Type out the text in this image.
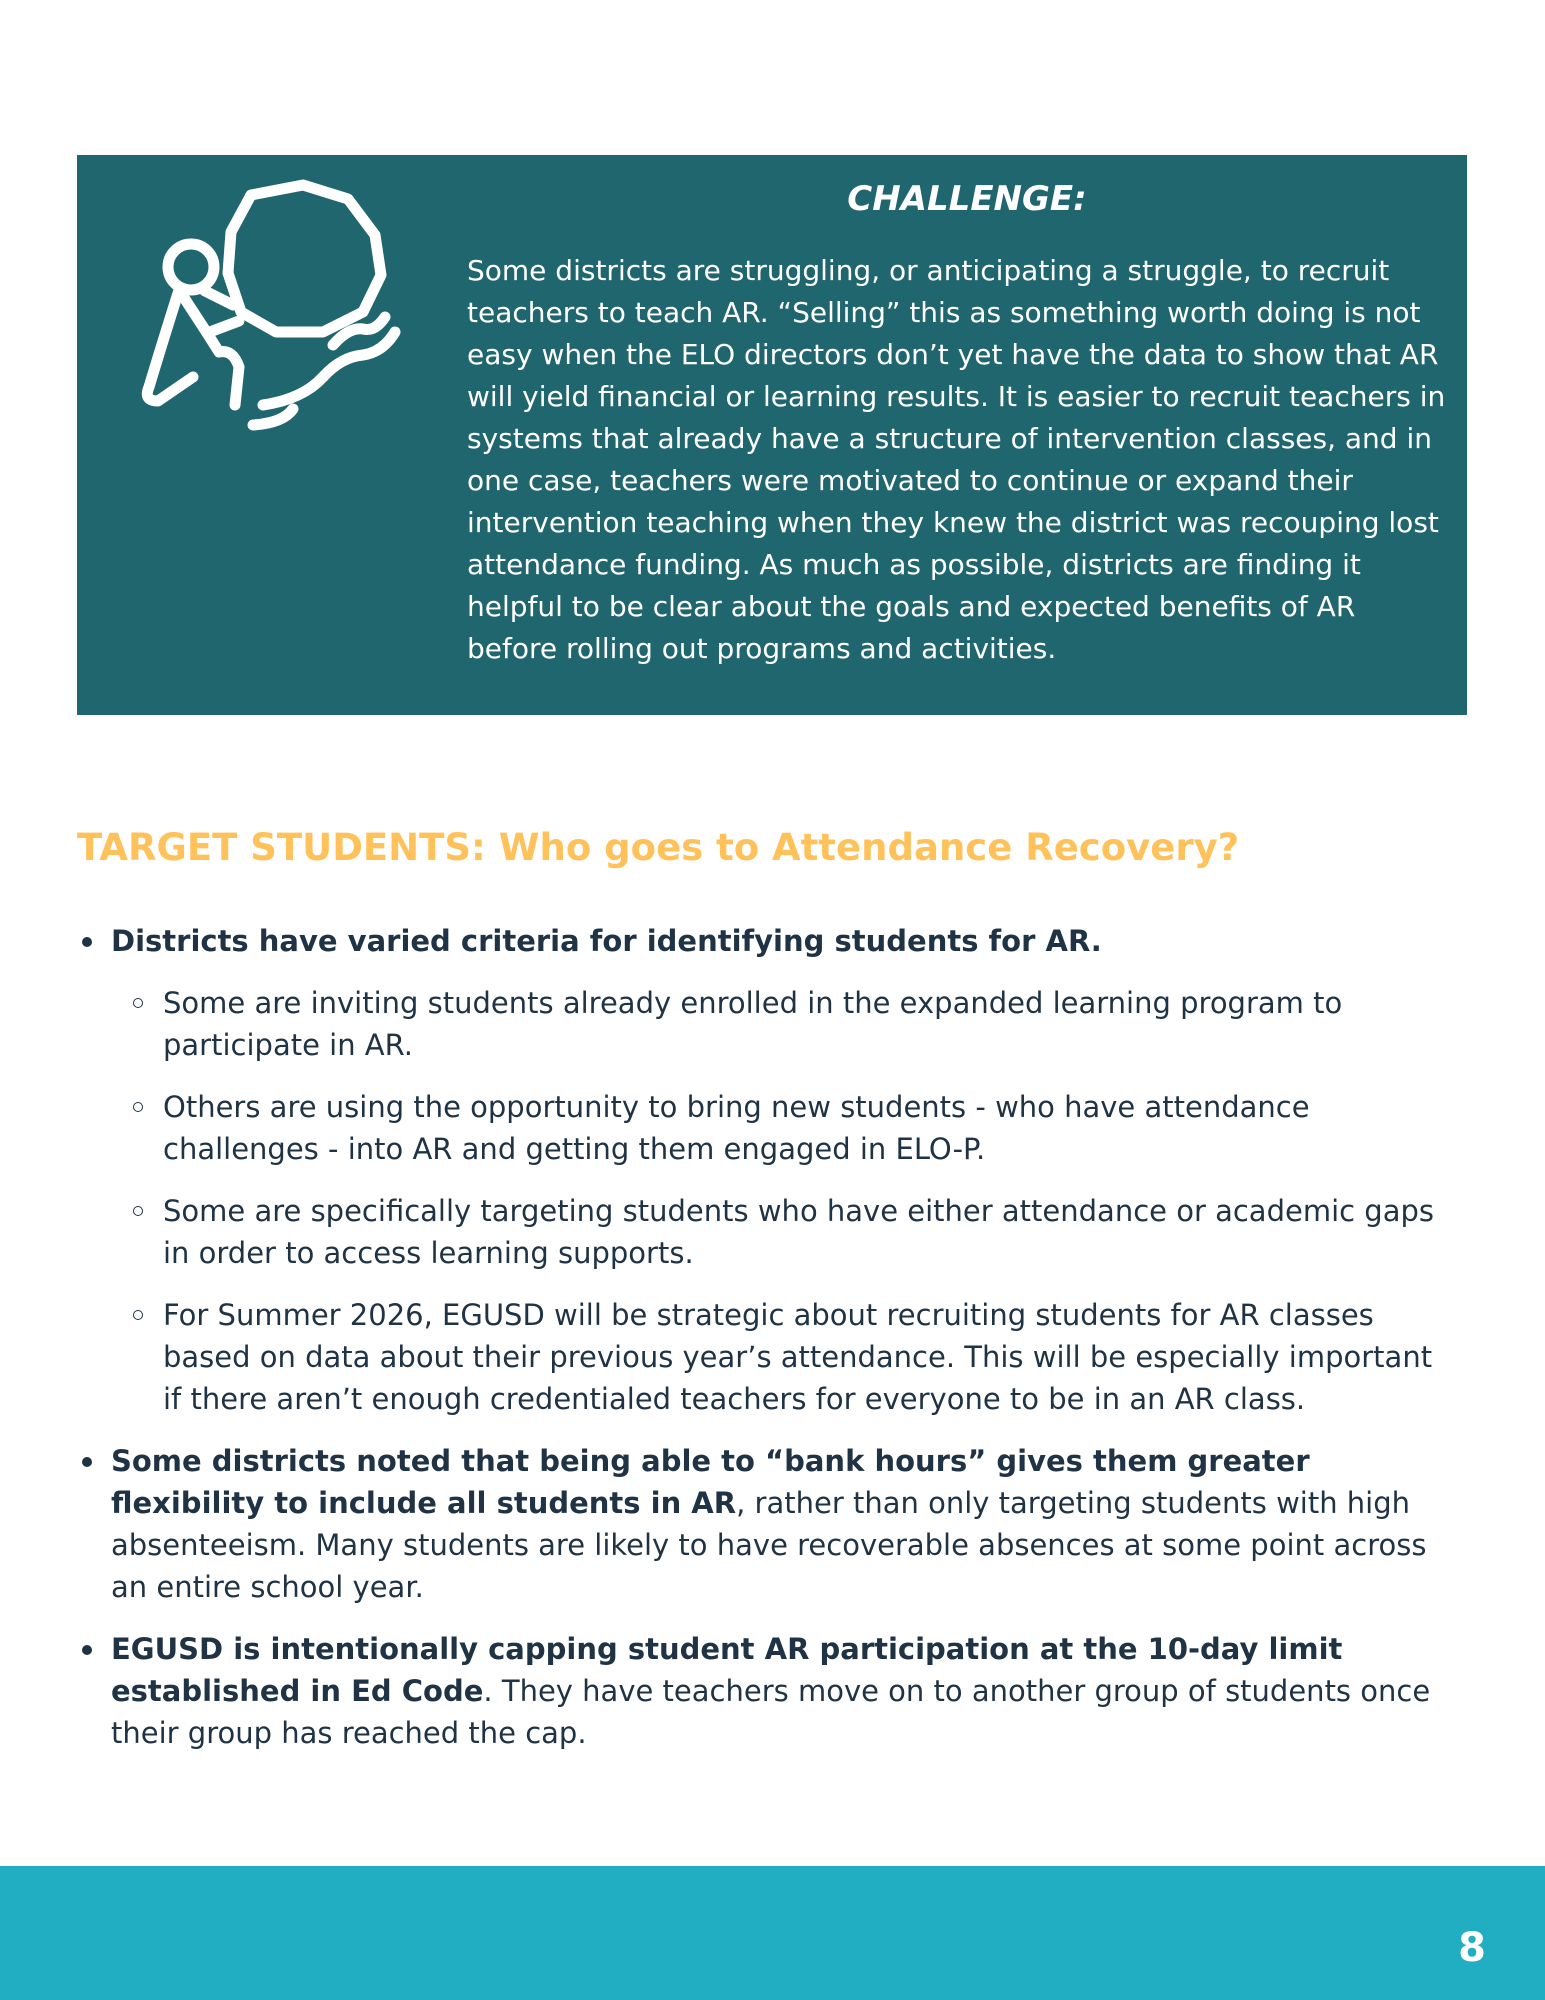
CHALLENGE:

Some districts are struggling, or anticipating a struggle, to recruit teachers to teach AR. “Selling” this as something worth doing is not easy when the ELO directors don’t yet have the data to show that AR will yield financial or learning results. It is easier to recruit teachers in systems that already have a structure of intervention classes, and in one case, teachers were motivated to continue or expand their intervention teaching when they knew the district was recouping lost attendance funding. As much as possible, districts are finding it helpful to be clear about the goals and expected benefits of AR before rolling out programs and activities.

TARGET STUDENTS: Who goes to Attendance Recovery?
Districts have varied criteria for identifying students for AR.
Some are inviting students already enrolled in the expanded learning program to participate in AR.
Others are using the opportunity to bring new students - who have attendance challenges - into AR and getting them engaged in ELO-P.
Some are specifically targeting students who have either attendance or academic gaps in order to access learning supports.
For Summer 2026, EGUSD will be strategic about recruiting students for AR classes based on data about their previous year’s attendance. This will be especially important if there aren’t enough credentialed teachers for everyone to be in an AR class.
Some districts noted that being able to “bank hours” gives them greater flexibility to include all students in AR, rather than only targeting students with high absenteeism. Many students are likely to have recoverable absences at some point across an entire school year.
EGUSD is intentionally capping student AR participation at the 10-day limit established in Ed Code. They have teachers move on to another group of students once their group has reached the cap.
8
